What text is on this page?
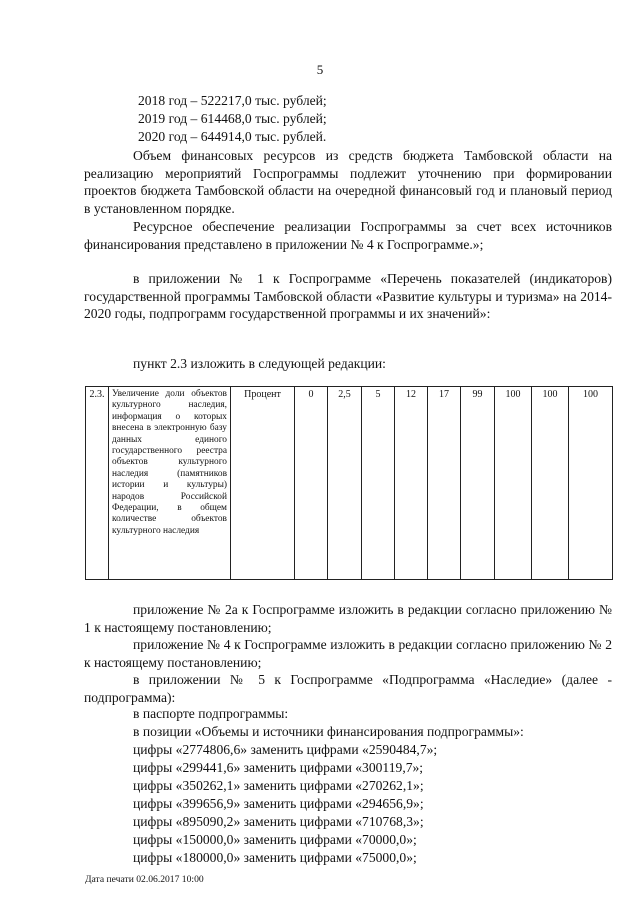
5
2018 год – 522217,0 тыс. рублей;
2019 год – 614468,0 тыс. рублей;
2020 год – 644914,0 тыс. рублей.
Объем финансовых ресурсов из средств бюджета Тамбовской области на реализацию мероприятий Госпрограммы подлежит уточнению при формировании проектов бюджета Тамбовской области на очередной финансовый год и плановый период в установленном порядке.
Ресурсное обеспечение реализации Госпрограммы за счет всех источников финансирования представлено в приложении № 4 к Госпрограмме.»;
в приложении № 1 к Госпрограмме «Перечень показателей (индикаторов) государственной программы Тамбовской области «Развитие культуры и туризма» на 2014-2020 годы, подпрограмм государственной программы и их значений»:
пункт 2.3 изложить в следующей редакции:
2.3.	Увеличение доли объектов культурного наследия, информация о которых внесена в электронную базу данных единого государственного реестра объектов культурного наследия (памятников истории и культуры) народов Российской Федерации, в общем количестве объектов культурного наследия	Процент	0	2,5	5	12	17	99	100	100	100
приложение № 2а к Госпрограмме изложить в редакции согласно приложению № 1 к настоящему постановлению;
приложение № 4 к Госпрограмме изложить в редакции согласно приложению № 2 к настоящему постановлению;
в приложении № 5 к Госпрограмме «Подпрограмма «Наследие» (далее - подпрограмма):
в паспорте подпрограммы:
в позиции «Объемы и источники финансирования подпрограммы»:
цифры «2774806,6» заменить цифрами «2590484,7»;
цифры «299441,6» заменить цифрами «300119,7»;
цифры «350262,1» заменить цифрами «270262,1»;
цифры «399656,9» заменить цифрами «294656,9»;
цифры «895090,2» заменить цифрами «710768,3»;
цифры «150000,0» заменить цифрами «70000,0»;
цифры «180000,0» заменить цифрами «75000,0»;
Дата печати 02.06.2017 10:00
